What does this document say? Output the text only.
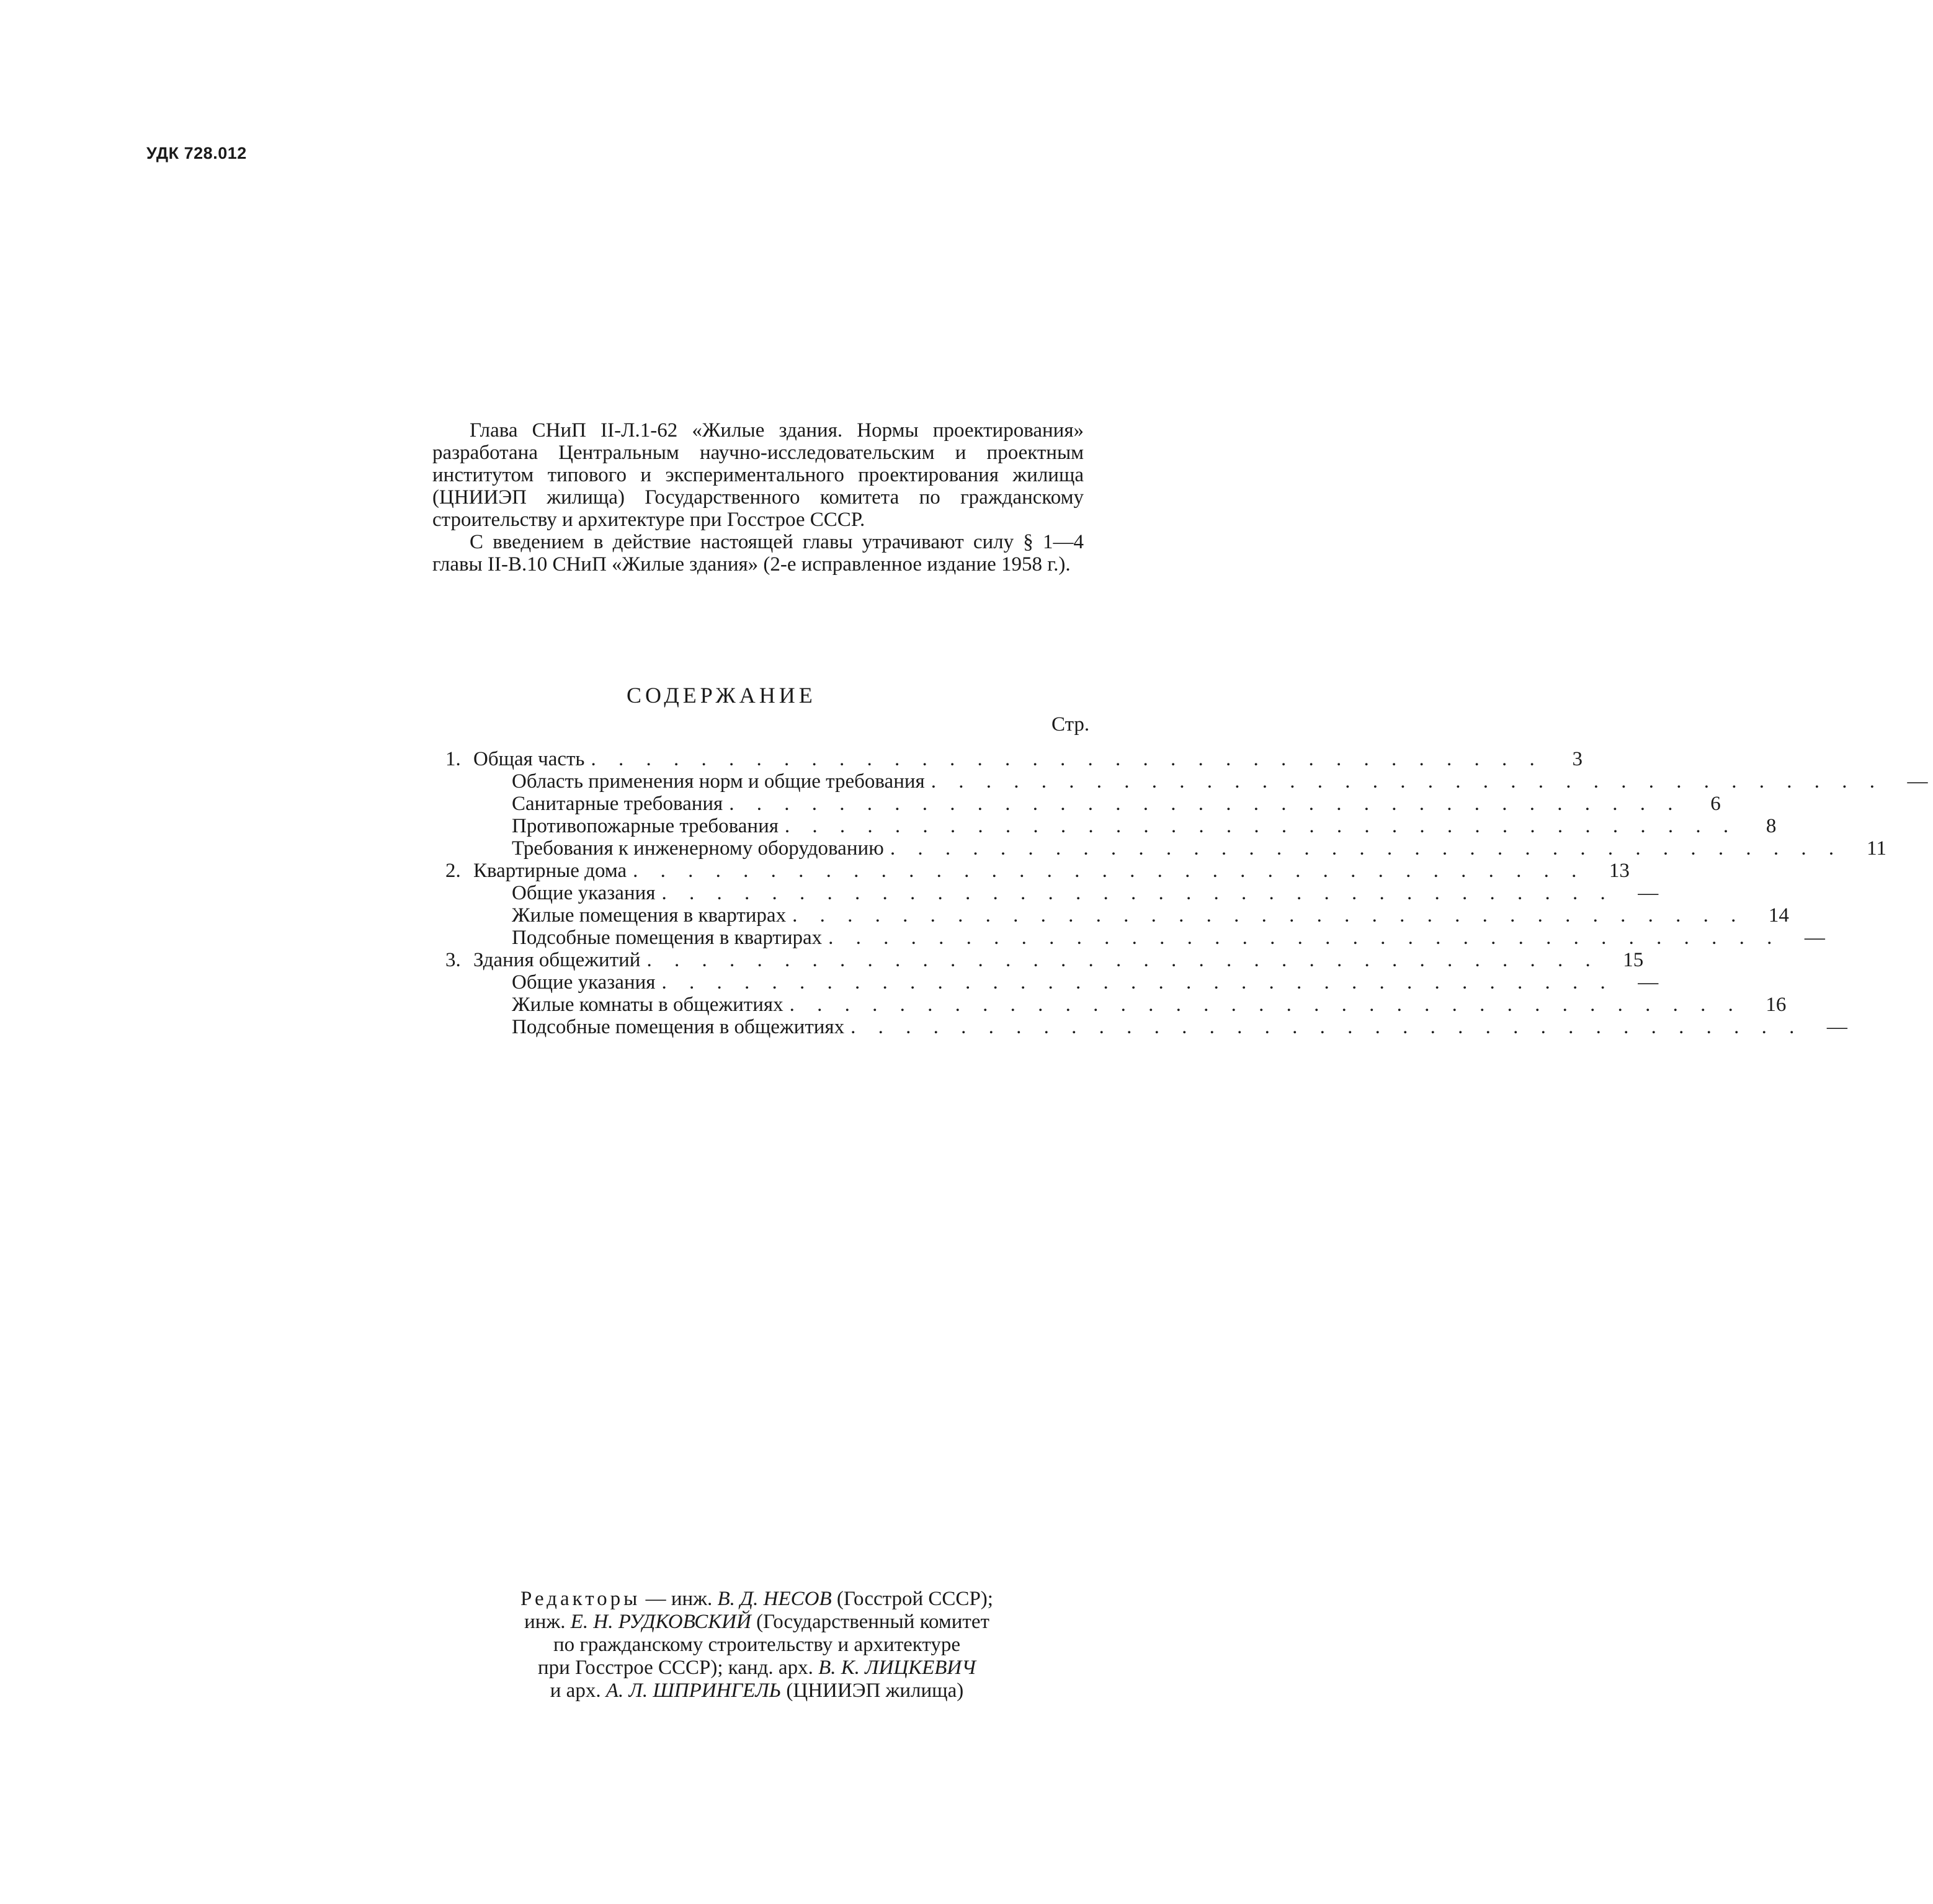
УДК 728.012

Глава СНиП II-Л.1-62 «Жилые здания. Нормы проектирования» разработана Центральным научно-исследовательским и проектным институтом типового и экспериментального проектирования жилища (ЦНИИЭП жилища) Государственного комитета по гражданскому строительству и архитектуре при Госстрое СССР.

С введением в действие настоящей главы утрачивают силу § 1—4 главы II-В.10 СНиП «Жилые здания» (2-е исправленное издание 1958 г.).

СОДЕРЖАНИЕ
Стр.
1. Общая часть . . . . . . . . . . . . . . . . . . . . . . . . . . . . . . . . . . .	3
Область применения норм и общие требования . . . . . . . . . . . . . . . . . . . . . . . . . . . . . . . . . . . —
Санитарные требования . . . . . . . . . . . . . . . . . . . . . . . . . . . . . . . . . . .	6
Противопожарные требования . . . . . . . . . . . . . . . . . . . . . . . . . . . . . . . . . . .	8
Требования к инженерному оборудованию . . . . . . . . . . . . . . . . . . . . . . . . . . . . . . . . . . . 11
2. Квартирные дома . . . . . . . . . . . . . . . . . . . . . . . . . . . . . . . . . . . 13
Общие указания . . . . . . . . . . . . . . . . . . . . . . . . . . . . . . . . . . . —
Жилые помещения в квартирах . . . . . . . . . . . . . . . . . . . . . . . . . . . . . . . . . . . 14
Подсобные помещения в квартирах . . . . . . . . . . . . . . . . . . . . . . . . . . . . . . . . . . . —
3. Здания общежитий . . . . . . . . . . . . . . . . . . . . . . . . . . . . . . . . . . . 15
Общие указания . . . . . . . . . . . . . . . . . . . . . . . . . . . . . . . . . . . —
Жилые комнаты в общежитиях . . . . . . . . . . . . . . . . . . . . . . . . . . . . . . . . . . . 16
Подсобные помещения в общежитиях . . . . . . . . . . . . . . . . . . . . . . . . . . . . . . . . . . . —
Редакторы — инж. В. Д. НЕСОВ (Госстрой СССР);
инж. Е. Н. РУДКОВСКИЙ (Государственный комитет
по гражданскому строительству и архитектуре
при Госстрое СССР); канд. арх. В. К. ЛИЦКЕВИЧ
и арх. А. Л. ШПРИНГЕЛЬ (ЦНИИЭП жилища)
